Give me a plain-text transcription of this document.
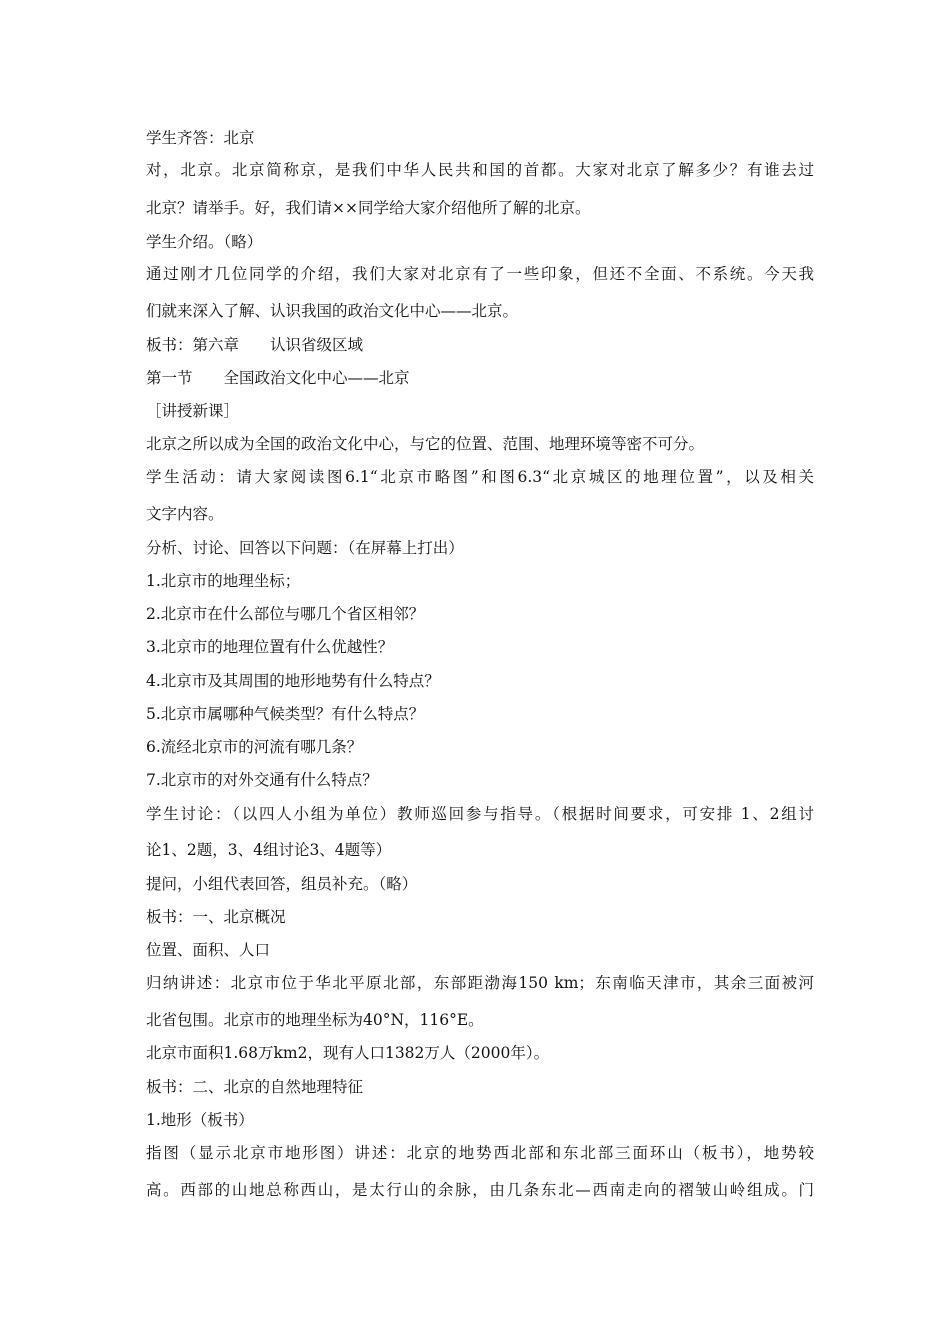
学生齐答：北京
对，北京。北京简称京，是我们中华人民共和国的首都。大家对北京了解多少？有谁去过
北京？请举手。好，我们请××同学给大家介绍他所了解的北京。
学生介绍。（略）
通过刚才几位同学的介绍，我们大家对北京有了一些印象，但还不全面、不系统。今天我
们就来深入了解、认识我国的政治文化中心——北京。
板书：第六章　　认识省级区域
第一节　　全国政治文化中心——北京
［讲授新课］
北京之所以成为全国的政治文化中心，与它的位置、范围、地理环境等密不可分。
学生活动：请大家阅读图6.1“北京市略图”和图6.3“北京城区的地理位置”，以及相关
文字内容。
分析、讨论、回答以下问题：（在屏幕上打出）
1.北京市的地理坐标；
2.北京市在什么部位与哪几个省区相邻？
3.北京市的地理位置有什么优越性？
4.北京市及其周围的地形地势有什么特点？
5.北京市属哪种气候类型？有什么特点？
6.流经北京市的河流有哪几条？
7.北京市的对外交通有什么特点？
学生讨论：（以四人小组为单位）教师巡回参与指导。（根据时间要求，可安排 1、2组讨
论1、2题，3、4组讨论3、4题等）
提问，小组代表回答，组员补充。（略）
板书：一、北京概况
位置、面积、人口
归纳讲述：北京市位于华北平原北部，东部距渤海150 km；东南临天津市，其余三面被河
北省包围。北京市的地理坐标为40°N，116°E。
北京市面积1.68万km2，现有人口1382万人（2000年）。
板书：二、北京的自然地理特征
1.地形（板书）
指图（显示北京市地形图）讲述：北京的地势西北部和东北部三面环山（板书），地势较
高。西部的山地总称西山，是太行山的余脉，由几条东北—西南走向的褶皱山岭组成。门
